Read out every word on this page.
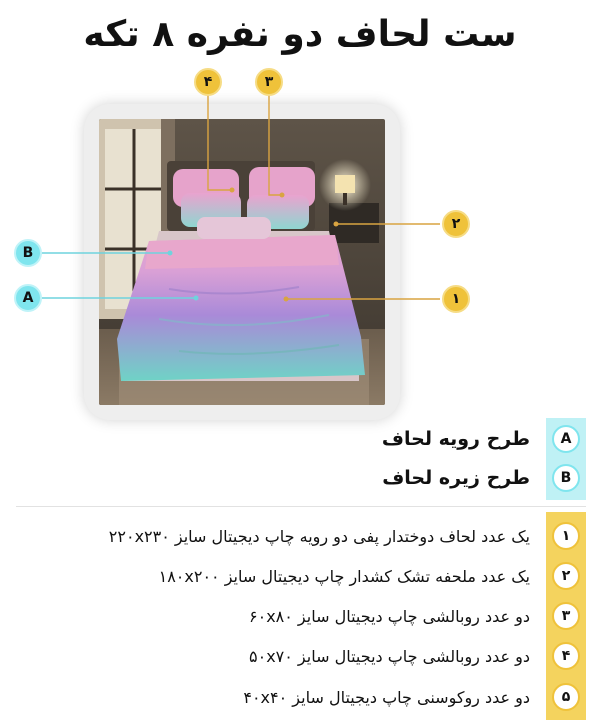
ست لحاف دو نفره ۸ تکه
۴	۳
۲
۱
B
A
A
طرح رویه لحاف
B
طرح زیره لحاف
۱
یک عدد لحاف دوختدار پفی دو رویه چاپ دیجیتال سایز ۲۲۰x۲۳۰
۲
یک عدد ملحفه تشک کشدار چاپ دیجیتال سایز ۱۸۰x۲۰۰
۳
دو عدد روبالشی چاپ دیجیتال سایز ۶۰x۸۰
۴
دو عدد روبالشی چاپ دیجیتال سایز ۵۰x۷۰
۵
دو عدد روکوسنی چاپ دیجیتال سایز ۴۰x۴۰
